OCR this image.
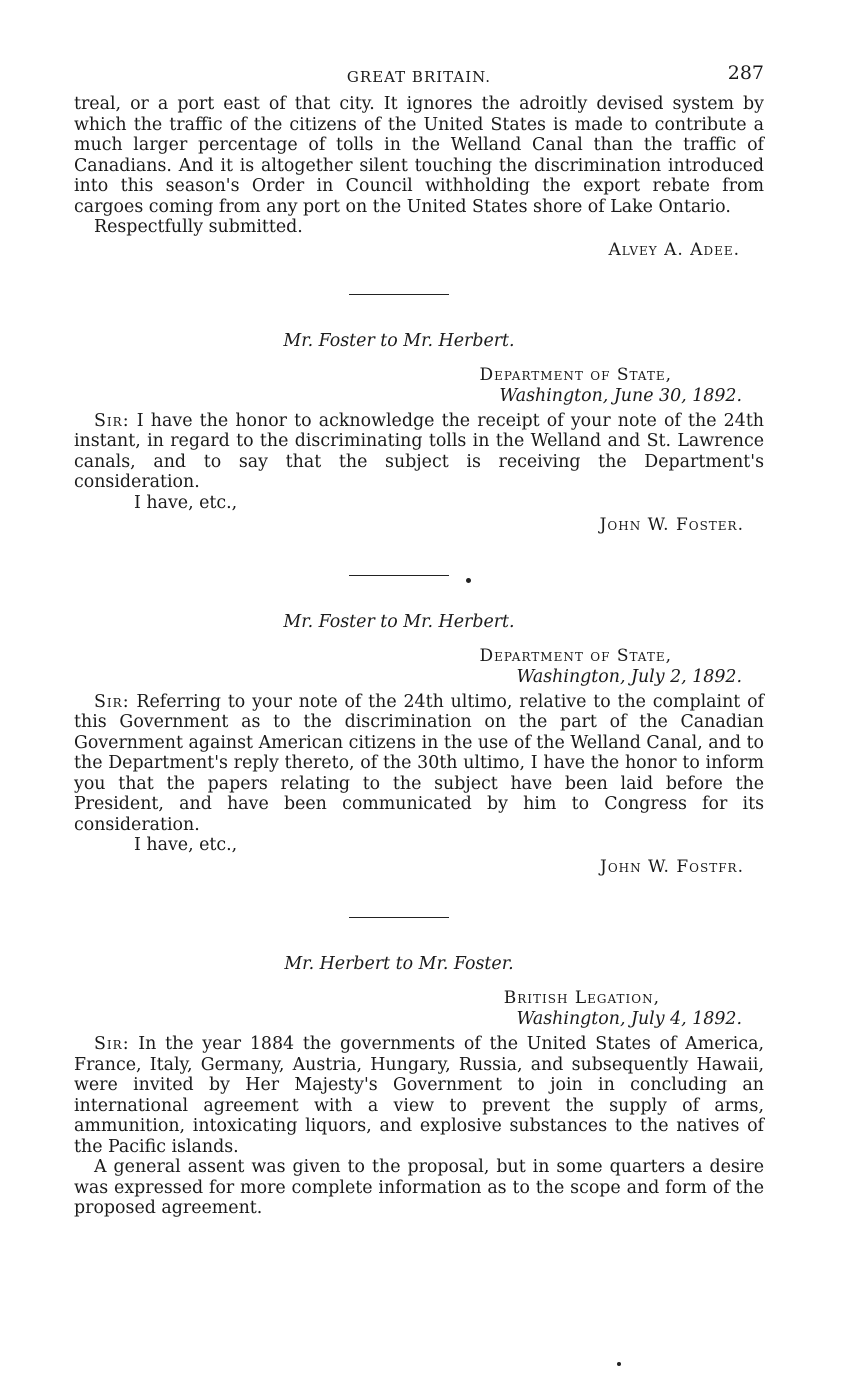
GREAT BRITAIN.	287

treal, or a port east of that city. It ignores the adroitly devised system by which the traffic of the citizens of the United States is made to contribute a much larger percentage of tolls in the Welland Canal than the traffic of Canadians. And it is altogether silent touching the discrimination introduced into this season's Order in Council withholding the export rebate from cargoes coming from any port on the United States shore of Lake Ontario.

Respectfully submitted.

Alvey A. Adee.
Mr. Foster to Mr. Herbert.
Department of State,
Washington, June 30, 1892.

Sir: I have the honor to acknowledge the receipt of your note of the 24th instant, in regard to the discriminating tolls in the Welland and St. Lawrence canals, and to say that the subject is receiving the Department's consideration.

I have, etc.,
John W. Foster.
Mr. Foster to Mr. Herbert.
Department of State,
Washington, July 2, 1892.

Sir: Referring to your note of the 24th ultimo, relative to the complaint of this Government as to the discrimination on the part of the Canadian Government against American citizens in the use of the Welland Canal, and to the Department's reply thereto, of the 30th ultimo, I have the honor to inform you that the papers relating to the subject have been laid before the President, and have been communicated by him to Congress for its consideration.

I have, etc.,
John W. Fostfr.
Mr. Herbert to Mr. Foster.
British Legation,
Washington, July 4, 1892.

Sir: In the year 1884 the governments of the United States of America, France, Italy, Germany, Austria, Hungary, Russia, and subsequently Hawaii, were invited by Her Majesty's Government to join in concluding an international agreement with a view to prevent the supply of arms, ammunition, intoxicating liquors, and explosive substances to the natives of the Pacific islands.

A general assent was given to the proposal, but in some quarters a desire was expressed for more complete information as to the scope and form of the proposed agreement.
